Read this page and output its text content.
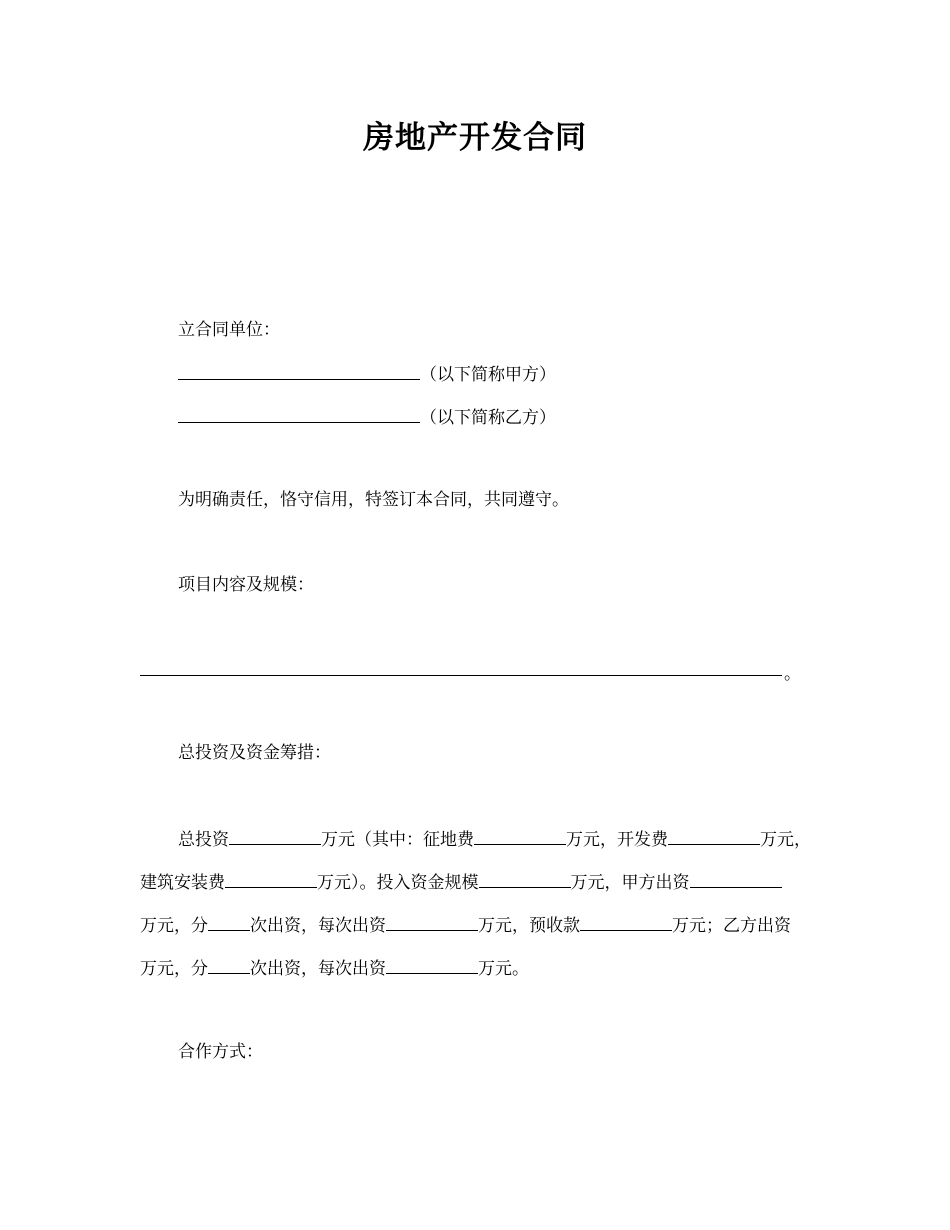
房地产开发合同
立合同单位：
（以下简称甲方）
（以下简称乙方）
为明确责任，恪守信用，特签订本合同，共同遵守。
项目内容及规模：
。
总投资及资金筹措：
总投资	万元（其中：征地费	万元，开发费	万元，
建筑安装费	万元）。投入资金规模	万元，甲方出资
万元，分 次出资，每次出资	万元，预收款	万元；乙方出资
万元，分 次出资，每次出资	万元。
合作方式：
